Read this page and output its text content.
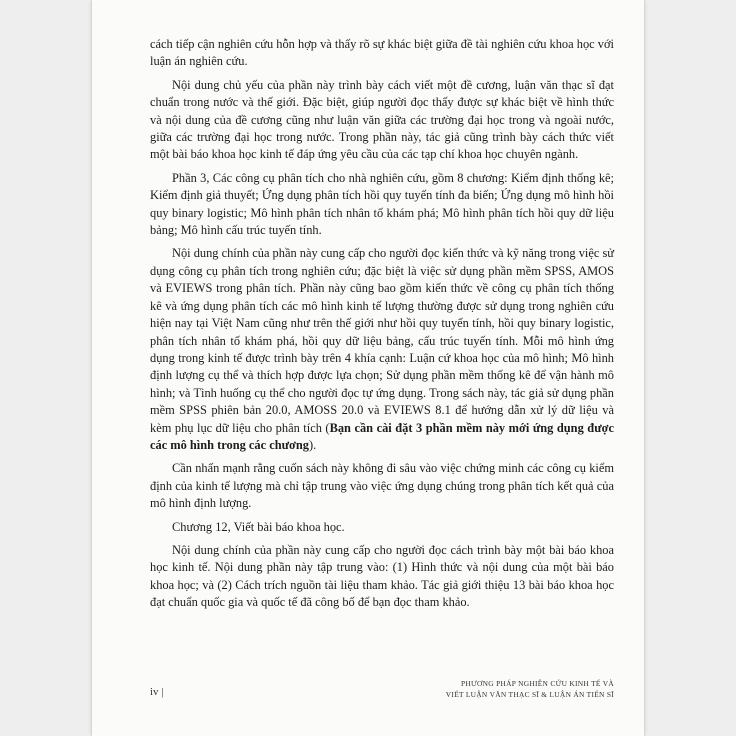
cách tiếp cận nghiên cứu hỗn hợp và thấy rõ sự khác biệt giữa đề tài nghiên cứu khoa học với luận án nghiên cứu.

Nội dung chủ yếu của phần này trình bày cách viết một đề cương, luận văn thạc sĩ đạt chuẩn trong nước và thế giới. Đặc biệt, giúp người đọc thấy được sự khác biệt về hình thức và nội dung của đề cương cũng như luận văn giữa các trường đại học trong và ngoài nước, giữa các trường đại học trong nước. Trong phần này, tác giả cũng trình bày cách thức viết một bài báo khoa học kinh tế đáp ứng yêu cầu của các tạp chí khoa học chuyên ngành.

Phần 3, Các công cụ phân tích cho nhà nghiên cứu, gồm 8 chương: Kiểm định thống kê; Kiểm định giả thuyết; Ứng dụng phân tích hồi quy tuyến tính đa biến; Ứng dụng mô hình hồi quy binary logistic; Mô hình phân tích nhân tố khám phá; Mô hình phân tích hồi quy dữ liệu bảng; Mô hình cấu trúc tuyến tính.

Nội dung chính của phần này cung cấp cho người đọc kiến thức và kỹ năng trong việc sử dụng công cụ phân tích trong nghiên cứu; đặc biệt là việc sử dụng phần mềm SPSS, AMOS và EVIEWS trong phân tích. Phần này cũng bao gồm kiến thức về công cụ phân tích thống kê và ứng dụng phân tích các mô hình kinh tế lượng thường được sử dụng trong nghiên cứu hiện nay tại Việt Nam cũng như trên thế giới như hồi quy tuyến tính, hồi quy binary logistic, phân tích nhân tố khám phá, hồi quy dữ liệu bảng, cấu trúc tuyến tính. Mỗi mô hình ứng dụng trong kinh tế được trình bày trên 4 khía cạnh: Luận cứ khoa học của mô hình; Mô hình định lượng cụ thể và thích hợp được lựa chọn; Sử dụng phần mềm thống kê để vận hành mô hình; và Tình huống cụ thể cho người đọc tự ứng dụng. Trong sách này, tác giả sử dụng phần mềm SPSS phiên bản 20.0, AMOSS 20.0 và EVIEWS 8.1 để hướng dẫn xử lý dữ liệu và kèm phụ lục dữ liệu cho phân tích (Bạn cần cài đặt 3 phần mềm này mới ứng dụng được các mô hình trong các chương).

Cần nhấn mạnh rằng cuốn sách này không đi sâu vào việc chứng minh các công cụ kiểm định của kinh tế lượng mà chỉ tập trung vào việc ứng dụng chúng trong phân tích kết quả của mô hình định lượng.

Chương 12, Viết bài báo khoa học.

Nội dung chính của phần này cung cấp cho người đọc cách trình bày một bài báo khoa học kinh tế. Nội dung phần này tập trung vào: (1) Hình thức và nội dung của một bài báo khoa học; và (2) Cách trích nguồn tài liệu tham khảo. Tác giả giới thiệu 13 bài báo khoa học đạt chuẩn quốc gia và quốc tế đã công bố để bạn đọc tham khảo.

iv |
PHƯƠNG PHÁP NGHIÊN CỨU KINH TẾ VÀ
VIẾT LUẬN VĂN THẠC SĨ & LUẬN ÁN TIẾN SĨ
